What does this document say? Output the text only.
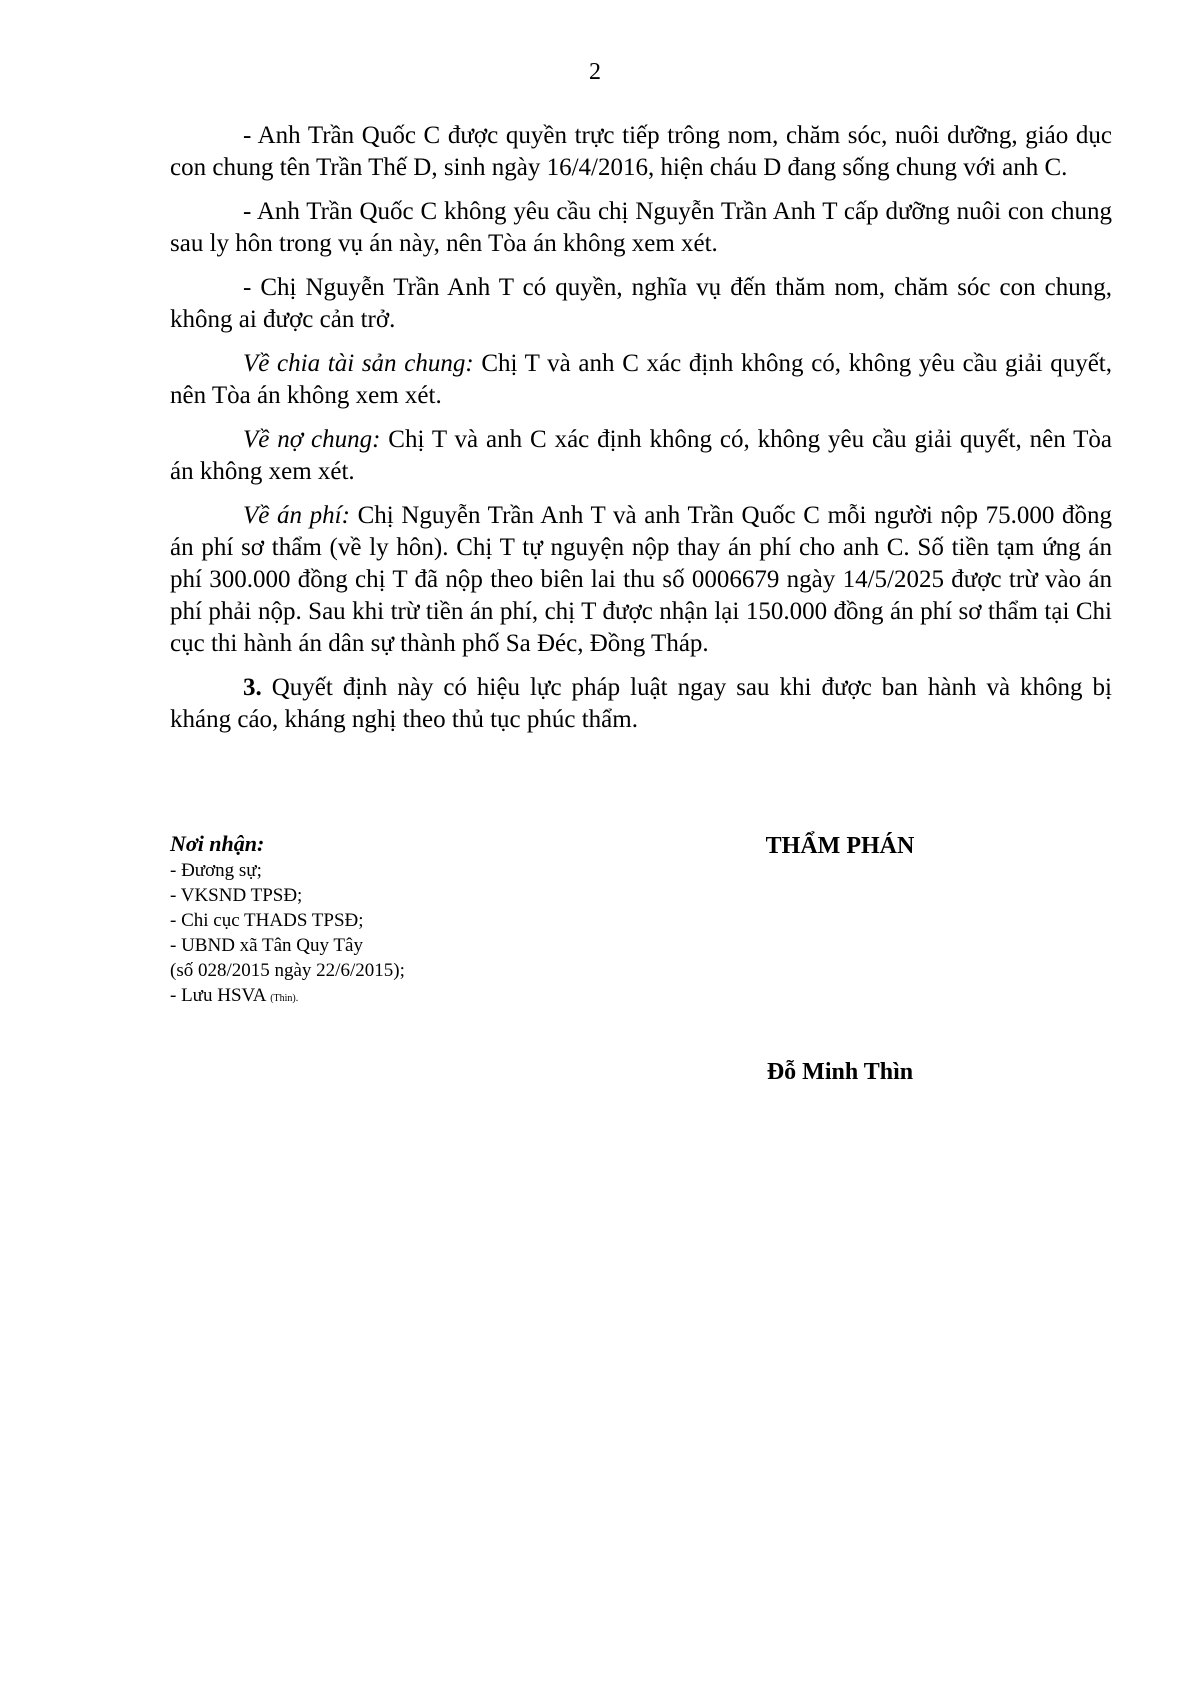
2

- Anh Trần Quốc C được quyền trực tiếp trông nom, chăm sóc, nuôi dưỡng, giáo dục con chung tên Trần Thế D, sinh ngày 16/4/2016, hiện cháu D đang sống chung với anh C.

- Anh Trần Quốc C không yêu cầu chị Nguyễn Trần Anh T cấp dưỡng nuôi con chung sau ly hôn trong vụ án này, nên Tòa án không xem xét.

- Chị Nguyễn Trần Anh T có quyền, nghĩa vụ đến thăm nom, chăm sóc con chung, không ai được cản trở.

Về chia tài sản chung: Chị T và anh C xác định không có, không yêu cầu giải quyết, nên Tòa án không xem xét.

Về nợ chung: Chị T và anh C xác định không có, không yêu cầu giải quyết, nên Tòa án không xem xét.

Về án phí: Chị Nguyễn Trần Anh T và anh Trần Quốc C mỗi người nộp 75.000 đồng án phí sơ thẩm (về ly hôn). Chị T tự nguyện nộp thay án phí cho anh C. Số tiền tạm ứng án phí 300.000 đồng chị T đã nộp theo biên lai thu số 0006679 ngày 14/5/2025 được trừ vào án phí phải nộp. Sau khi trừ tiền án phí, chị T được nhận lại 150.000 đồng án phí sơ thẩm tại Chi cục thi hành án dân sự thành phố Sa Đéc, Đồng Tháp.

3. Quyết định này có hiệu lực pháp luật ngay sau khi được ban hành và không bị kháng cáo, kháng nghị theo thủ tục phúc thẩm.

Nơi nhận:
- Đương sự;
- VKSND TPSĐ;
- Chi cục THADS TPSĐ;
- UBND xã Tân Quy Tây
(số 028/2015 ngày 22/6/2015);
- Lưu HSVA (Thìn).
THẨM PHÁN
Đỗ Minh Thìn
